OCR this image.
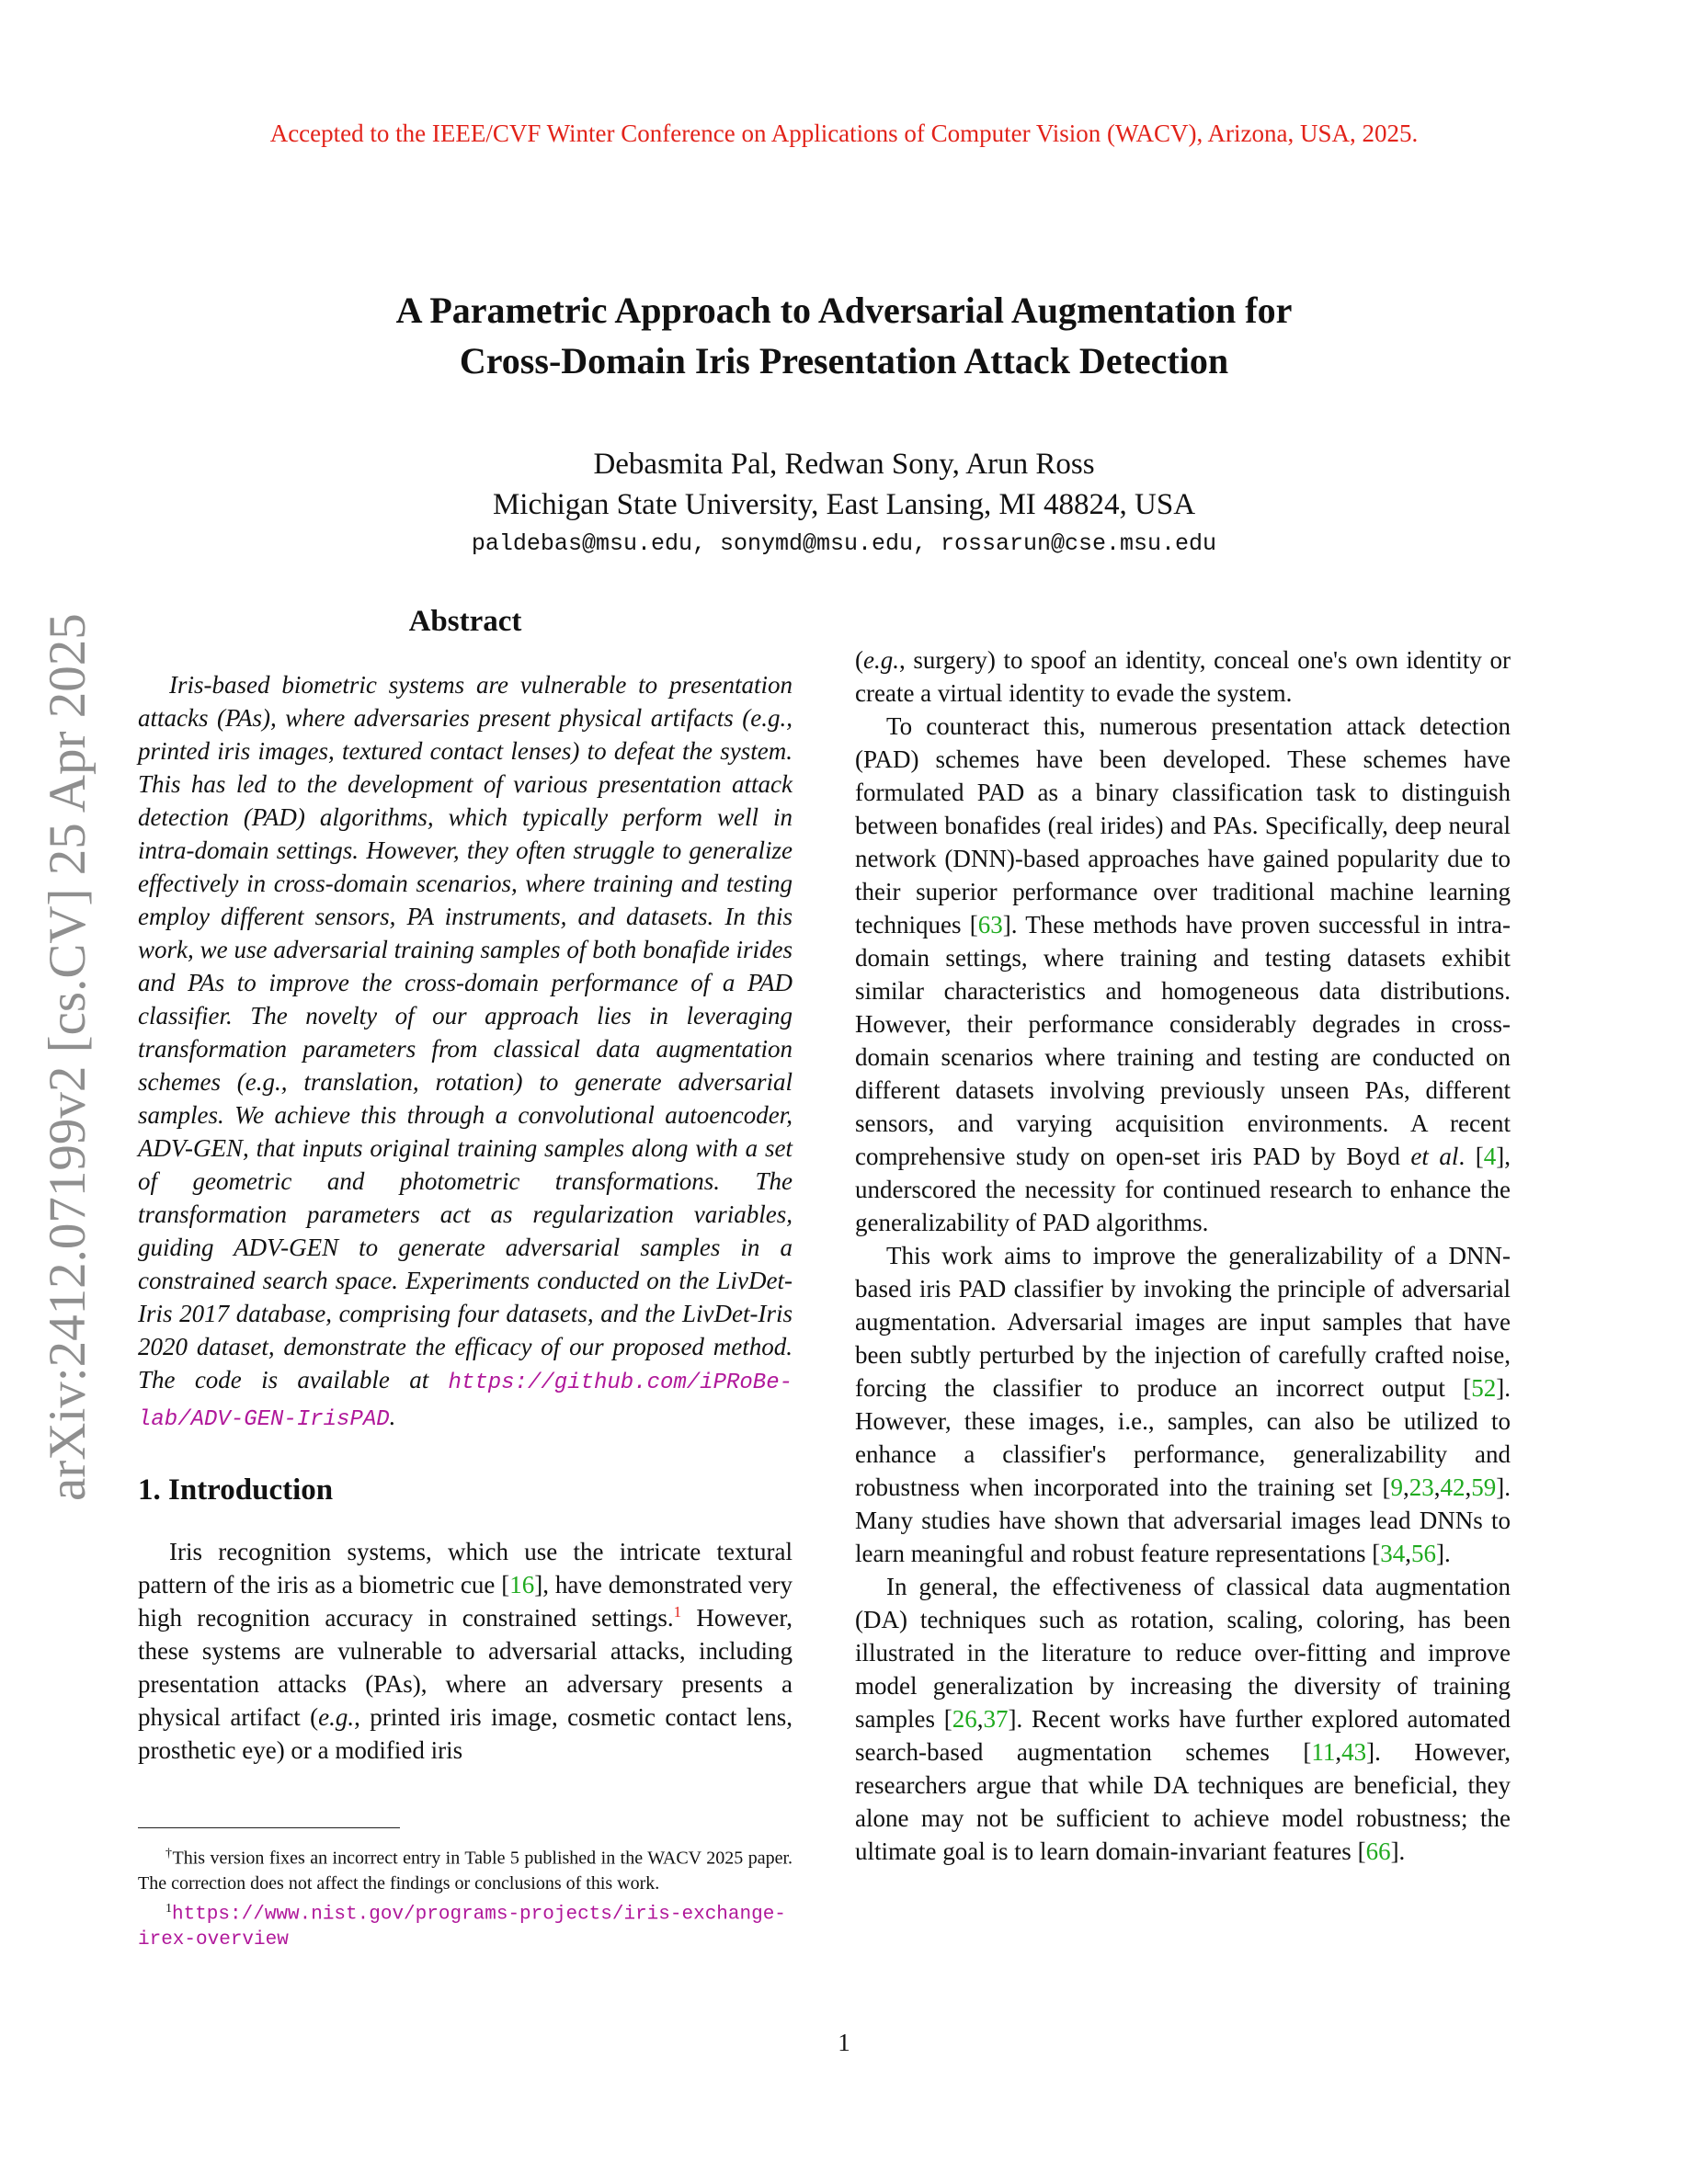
Accepted to the IEEE/CVF Winter Conference on Applications of Computer Vision (WACV), Arizona, USA, 2025.
arXiv:2412.07199v2 [cs.CV] 25 Apr 2025
A Parametric Approach to Adversarial Augmentation for
Cross-Domain Iris Presentation Attack Detection
Debasmita Pal, Redwan Sony, Arun Ross
Michigan State University, East Lansing, MI 48824, USA
paldebas@msu.edu, sonymd@msu.edu, rossarun@cse.msu.edu
Abstract

Iris-based biometric systems are vulnerable to presentation attacks (PAs), where adversaries present physical artifacts (e.g., printed iris images, textured contact lenses) to defeat the system. This has led to the development of various presentation attack detection (PAD) algorithms, which typically perform well in intra-domain settings. However, they often struggle to generalize effectively in cross-domain scenarios, where training and testing employ different sensors, PA instruments, and datasets. In this work, we use adversarial training samples of both bonafide irides and PAs to improve the cross-domain performance of a PAD classifier. The novelty of our approach lies in leveraging transformation parameters from classical data augmentation schemes (e.g., translation, rotation) to generate adversarial samples. We achieve this through a convolutional autoencoder, ADV-GEN, that inputs original training samples along with a set of geometric and photometric transformations. The transformation parameters act as regularization variables, guiding ADV-GEN to generate adversarial samples in a constrained search space. Experiments conducted on the LivDet-Iris 2017 database, comprising four datasets, and the LivDet-Iris 2020 dataset, demonstrate the efficacy of our proposed method. The code is available at https://github.com/iPRoBe-lab/ADV-GEN-IrisPAD.

1. Introduction

Iris recognition systems, which use the intricate textural pattern of the iris as a biometric cue [16], have demonstrated very high recognition accuracy in constrained settings.$^1$ However, these systems are vulnerable to adversarial attacks, including presentation attacks (PAs), where an adversary presents a physical artifact (e.g., printed iris image, cosmetic contact lens, prosthetic eye) or a modified iris

†This version fixes an incorrect entry in Table 5 published in the WACV 2025 paper. The correction does not affect the findings or conclusions of this work.
$^1$https://www.nist.gov/programs-projects/iris-exchange-irex-overview

(e.g., surgery) to spoof an identity, conceal one's own identity or create a virtual identity to evade the system.

To counteract this, numerous presentation attack detection (PAD) schemes have been developed. These schemes have formulated PAD as a binary classification task to distinguish between bonafides (real irides) and PAs. Specifically, deep neural network (DNN)-based approaches have gained popularity due to their superior performance over traditional machine learning techniques [63]. These methods have proven successful in intra-domain settings, where training and testing datasets exhibit similar characteristics and homogeneous data distributions. However, their performance considerably degrades in cross-domain scenarios where training and testing are conducted on different datasets involving previously unseen PAs, different sensors, and varying acquisition environments. A recent comprehensive study on open-set iris PAD by Boyd et al. [4], underscored the necessity for continued research to enhance the generalizability of PAD algorithms.

This work aims to improve the generalizability of a DNN-based iris PAD classifier by invoking the principle of adversarial augmentation. Adversarial images are input samples that have been subtly perturbed by the injection of carefully crafted noise, forcing the classifier to produce an incorrect output [52]. However, these images, i.e., samples, can also be utilized to enhance a classifier's performance, generalizability and robustness when incorporated into the training set [9,23,42,59]. Many studies have shown that adversarial images lead DNNs to learn meaningful and robust feature representations [34,56].

In general, the effectiveness of classical data augmentation (DA) techniques such as rotation, scaling, coloring, has been illustrated in the literature to reduce over-fitting and improve model generalization by increasing the diversity of training samples [26,37]. Recent works have further explored automated search-based augmentation schemes [11,43]. However, researchers argue that while DA techniques are beneficial, they alone may not be sufficient to achieve model robustness; the ultimate goal is to learn domain-invariant features [66].

1
